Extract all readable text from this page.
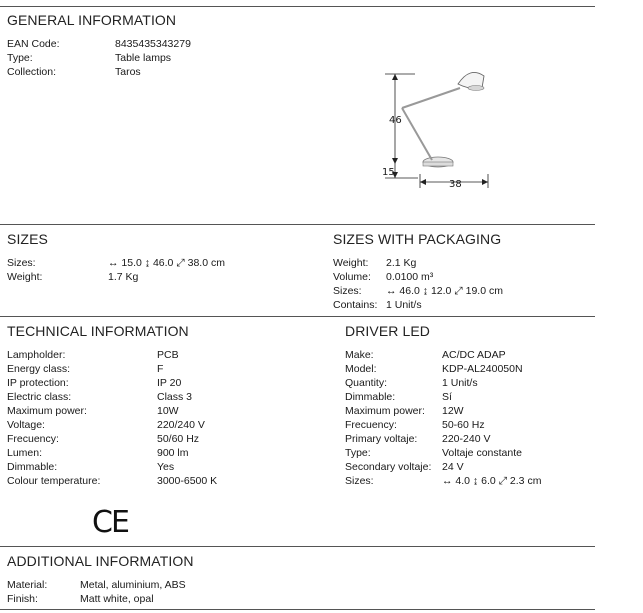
GENERAL INFORMATION
EAN Code:	8435435343279
Type:	Table lamps
Collection:	Taros
46
15
38
SIZES
Sizes:	↔ 15.0 ↨ 46.0 ⤢ 38.0 cm
Weight:	1.7 Kg
SIZES WITH PACKAGING
Weight: 2.1 Kg
Volume: 0.0100 m³
Sizes: ↔ 46.0 ↨ 12.0 ⤢ 19.0 cm
Contains: 1 Unit/s
TECHNICAL INFORMATION	DRIVER LED
Lampholder:	PCB
Energy class:	F
IP protection:	IP 20
Electric class:	Class 3
Maximum power:	10W
Voltage:	220/240 V
Frecuency:	50/60 Hz
Lumen:	900 lm
Dimmable:	Yes
Colour temperature:	3000-6500 K
CE
Make:	AC/DC ADAP
Model:	KDP-AL240050N
Quantity:	1 Unit/s
Dimmable:	Sí
Maximum power: 12W
Frecuency:	50-60 Hz
Primary voltaje: 220-240 V
Type:	Voltaje constante
Secondary voltaje: 24 V
Sizes:	↔ 4.0 ↨ 6.0 ⤢ 2.3 cm
ADDITIONAL INFORMATION
Material:	Metal, aluminium, ABS
Finish:	Matt white, opal
